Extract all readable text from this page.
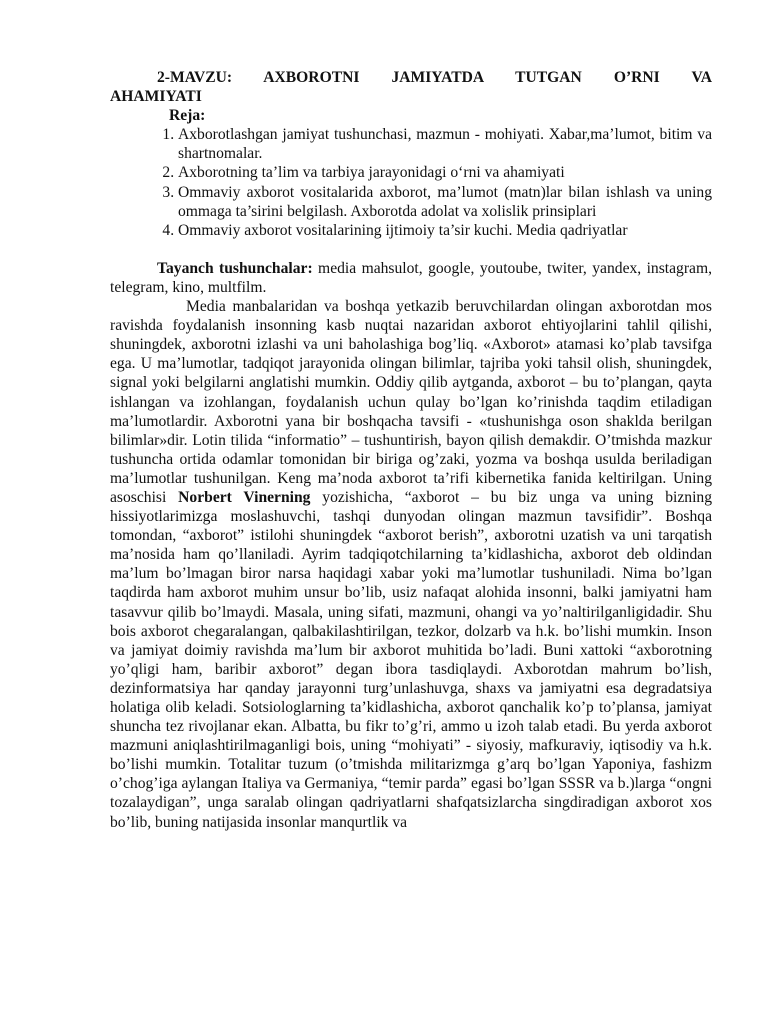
2-MAVZU: AXBOROTNI JAMIYATDA TUTGAN O’RNI VA

AHAMIYATI

Reja:

1. Axborotlashgan jamiyat tushunchasi, mazmun - mohiyati. Xabar,ma’lumot, bitim va shartnomalar.
2. Axborotning ta’lim va tarbiya jarayonidagi o‘rni va ahamiyati
3. Ommaviy axborot vositalarida axborot, ma’lumot (matn)lar bilan ishlash va uning ommaga ta’sirini belgilash. Axborotda adolat va xolislik prinsiplari
4. Ommaviy axborot vositalarining ijtimoiy ta’sir kuchi. Media qadriyatlar

Tayanch tushunchalar: media mahsulot, google, youtoube, twiter, yandex, instagram, telegram, kino, multfilm.

Media manbalaridan va boshqa yetkazib beruvchilardan olingan axborotdan mos ravishda foydalanish insonning kasb nuqtai nazaridan axborot ehtiyojlarini tahlil qilishi, shuningdek, axborotni izlashi va uni baholashiga bog’liq. «Axborot» atamasi ko’plab tavsifga ega. U ma’lumotlar, tadqiqot jarayonida olingan bilimlar, tajriba yoki tahsil olish, shuningdek, signal yoki belgilarni anglatishi mumkin. Oddiy qilib aytganda, axborot – bu to’plangan, qayta ishlangan va izohlangan, foydalanish uchun qulay bo’lgan ko’rinishda taqdim etiladigan ma’lumotlardir. Axborotni yana bir boshqacha tavsifi - «tushunishga oson shaklda berilgan bilimlar»dir. Lotin tilida “informatio” – tushuntirish, bayon qilish demakdir. O’tmishda mazkur tushuncha ortida odamlar tomonidan bir biriga og’zaki, yozma va boshqa usulda beriladigan ma’lumotlar tushunilgan. Keng ma’noda axborot ta’rifi kibernetika fanida keltirilgan. Uning asoschisi Norbert Vinerning yozishicha, “axborot – bu biz unga va uning bizning hissiyotlarimizga moslashuvchi, tashqi dunyodan olingan mazmun tavsifidir”. Boshqa tomondan, “axborot” istilohi shuningdek “axborot berish”, axborotni uzatish va uni tarqatish ma’nosida ham qo’llaniladi. Ayrim tadqiqotchilarning ta’kidlashicha, axborot deb oldindan ma’lum bo’lmagan biror narsa haqidagi xabar yoki ma’lumotlar tushuniladi. Nima bo’lgan taqdirda ham axborot muhim unsur bo’lib, usiz nafaqat alohida insonni, balki jamiyatni ham tasavvur qilib bo’lmaydi. Masala, uning sifati, mazmuni, ohangi va yo’naltirilganligidadir. Shu bois axborot chegaralangan, qalbakilashtirilgan, tezkor, dolzarb va h.k. bo’lishi mumkin. Inson va jamiyat doimiy ravishda ma’lum bir axborot muhitida bo’ladi. Buni xattoki “axborotning yo’qligi ham, baribir axborot” degan ibora tasdiqlaydi. Axborotdan mahrum bo’lish, dezinformatsiya har qanday jarayonni turg’unlashuvga, shaxs va jamiyatni esa degradatsiya holatiga olib keladi. Sotsiologlarning ta’kidlashicha, axborot qanchalik ko’p to’plansa, jamiyat shuncha tez rivojlanar ekan. Albatta, bu fikr to’g’ri, ammo u izoh talab etadi. Bu yerda axborot mazmuni aniqlashtirilmaganligi bois, uning “mohiyati” - siyosiy, mafkuraviy, iqtisodiy va h.k. bo’lishi mumkin. Totalitar tuzum (o’tmishda militarizmga g’arq bo’lgan Yaponiya, fashizm o’chog’iga aylangan Italiya va Germaniya, “temir parda” egasi bo’lgan SSSR va b.)larga “ongni tozalaydigan”, unga saralab olingan qadriyatlarni shafqatsizlarcha singdiradigan axborot xos bo’lib, buning natijasida insonlar manqurtlik va
